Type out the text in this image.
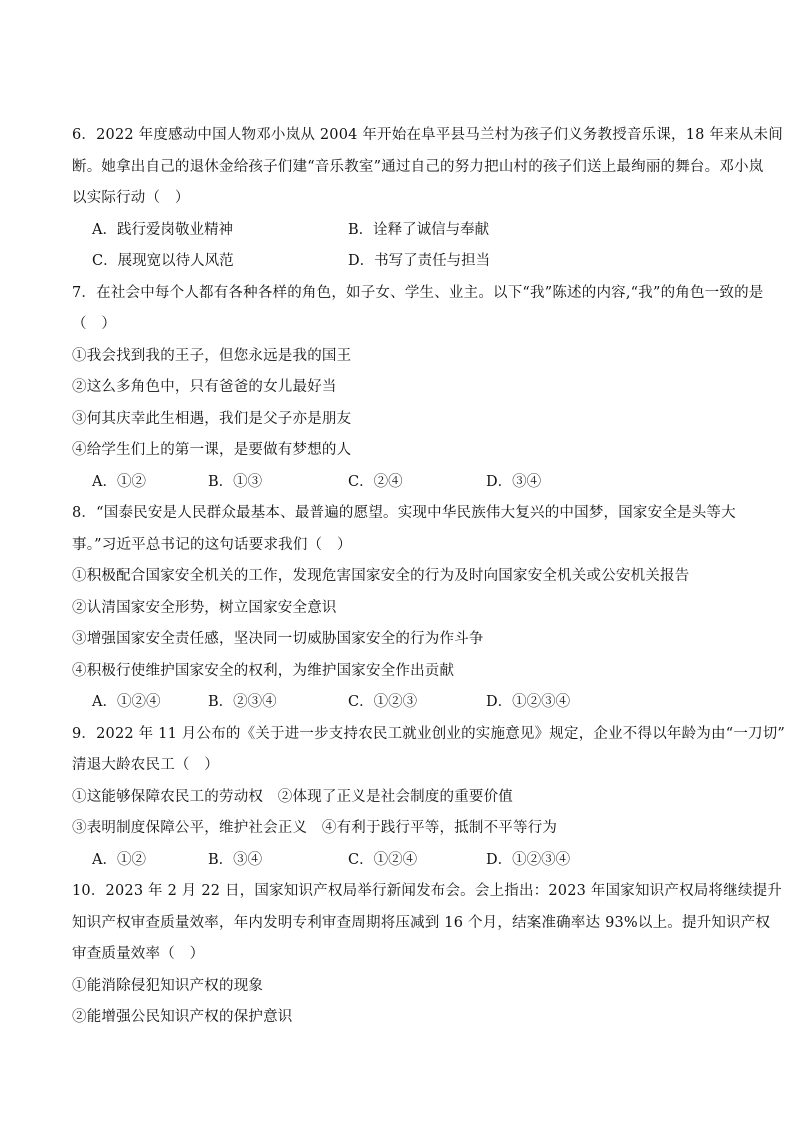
6．2022 年度感动中国人物邓小岚从 2004 年开始在阜平县马兰村为孩子们义务教授音乐课，18 年来从未间
断。她拿出自己的退休金给孩子们建“音乐教室”通过自己的努力把山村的孩子们送上最绚丽的舞台。邓小岚
以实际行动（　）
A．践行爱岗敬业精神	B．诠释了诚信与奉献
C．展现宽以待人风范	D．书写了责任与担当
7．在社会中每个人都有各种各样的角色，如子女、学生、业主。以下“我”陈述的内容,“我”的角色一致的是
（　）
①我会找到我的王子，但您永远是我的国王
②这么多角色中，只有爸爸的女儿最好当
③何其庆幸此生相遇，我们是父子亦是朋友
④给学生们上的第一课，是要做有梦想的人
A．①②	B．①③	C．②④	D．③④
8．“国泰民安是人民群众最基本、最普遍的愿望。实现中华民族伟大复兴的中国梦，国家安全是头等大
事。”习近平总书记的这句话要求我们（　）
①积极配合国家安全机关的工作，发现危害国家安全的行为及时向国家安全机关或公安机关报告
②认清国家安全形势，树立国家安全意识
③增强国家安全责任感，坚决同一切威胁国家安全的行为作斗争
④积极行使维护国家安全的权利，为维护国家安全作出贡献
A．①②④	B．②③④	C．①②③	D．①②③④
9．2022 年 11 月公布的《关于进一步支持农民工就业创业的实施意见》规定，企业不得以年龄为由“一刀切”
清退大龄农民工（　）
①这能够保障农民工的劳动权　②体现了正义是社会制度的重要价值
③表明制度保障公平，维护社会正义　④有利于践行平等，抵制不平等行为
A．①②	B．③④	C．①②④	D．①②③④
10．2023 年 2 月 22 日，国家知识产权局举行新闻发布会。会上指出：2023 年国家知识产权局将继续提升
知识产权审查质量效率，年内发明专利审查周期将压减到 16 个月，结案准确率达 93%以上。提升知识产权
审查质量效率（　）
①能消除侵犯知识产权的现象
②能增强公民知识产权的保护意识
